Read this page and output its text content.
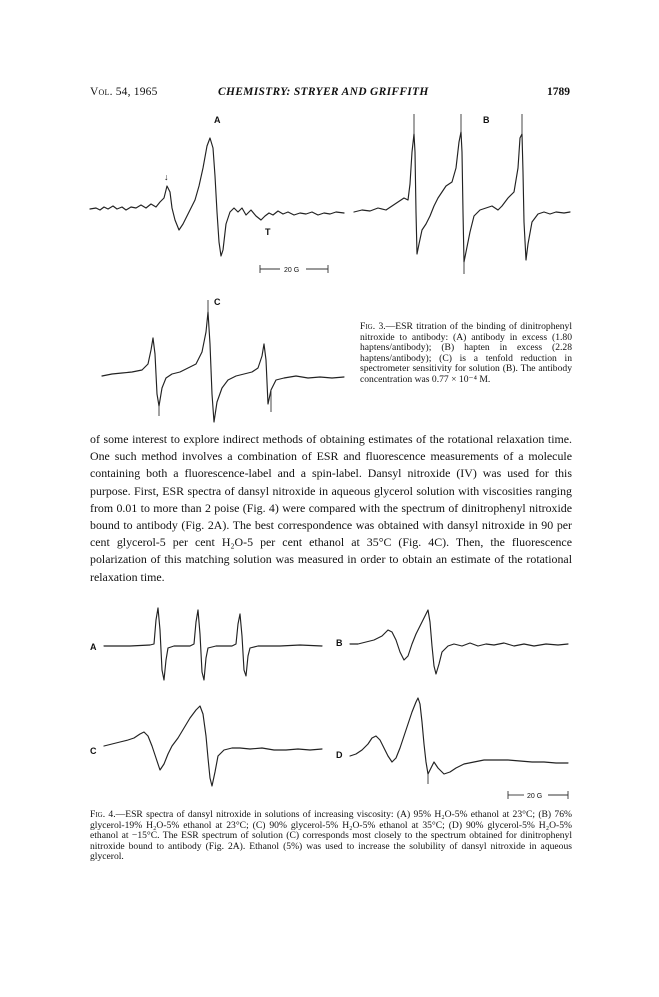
Vol. 54, 1965	CHEMISTRY: STRYER AND GRIFFITH	1789
A
↓
T
20 G
B
C
Fig. 3.—ESR titration of the binding of dinitrophenyl nitroxide to antibody: (A) antibody in excess (1.80 haptens/antibody); (B) hapten in excess (2.28 haptens/antibody); (C) is a tenfold reduction in spectrometer sensitivity for solution (B). The antibody concentration was 0.77 × 10⁻⁴ M.
of some interest to explore indirect methods of obtaining estimates of the rotational relaxation time. One such method involves a combination of ESR and fluorescence measurements of a molecule containing both a fluorescence-label and a spin-label. Dansyl nitroxide (IV) was used for this purpose. First, ESR spectra of dansyl nitroxide in aqueous glycerol solution with viscosities ranging from 0.01 to more than 2 poise (Fig. 4) were compared with the spectrum of dinitrophenyl nitroxide bound to antibody (Fig. 2A). The best correspondence was obtained with dansyl nitroxide in 90 per cent glycerol-5 per cent H₂O-5 per cent ethanol at 35°C (Fig. 4C). Then, the fluorescence polarization of this matching solution was measured in order to obtain an estimate of the rotational relaxation time.
A	B
C	D
20 G
Fig. 4.—ESR spectra of dansyl nitroxide in solutions of increasing viscosity: (A) 95% H₂O-5% ethanol at 23°C; (B) 76% glycerol-19% H₂O-5% ethanol at 23°C; (C) 90% glycerol-5% H₂O-5% ethanol at 35°C; (D) 90% glycerol-5% H₂O-5% ethanol at −15°C. The ESR spectrum of solution (C) corresponds most closely to the spectrum obtained for dinitrophenyl nitroxide bound to antibody (Fig. 2A). Ethanol (5%) was used to increase the solubility of dansyl nitroxide in aqueous glycerol.
